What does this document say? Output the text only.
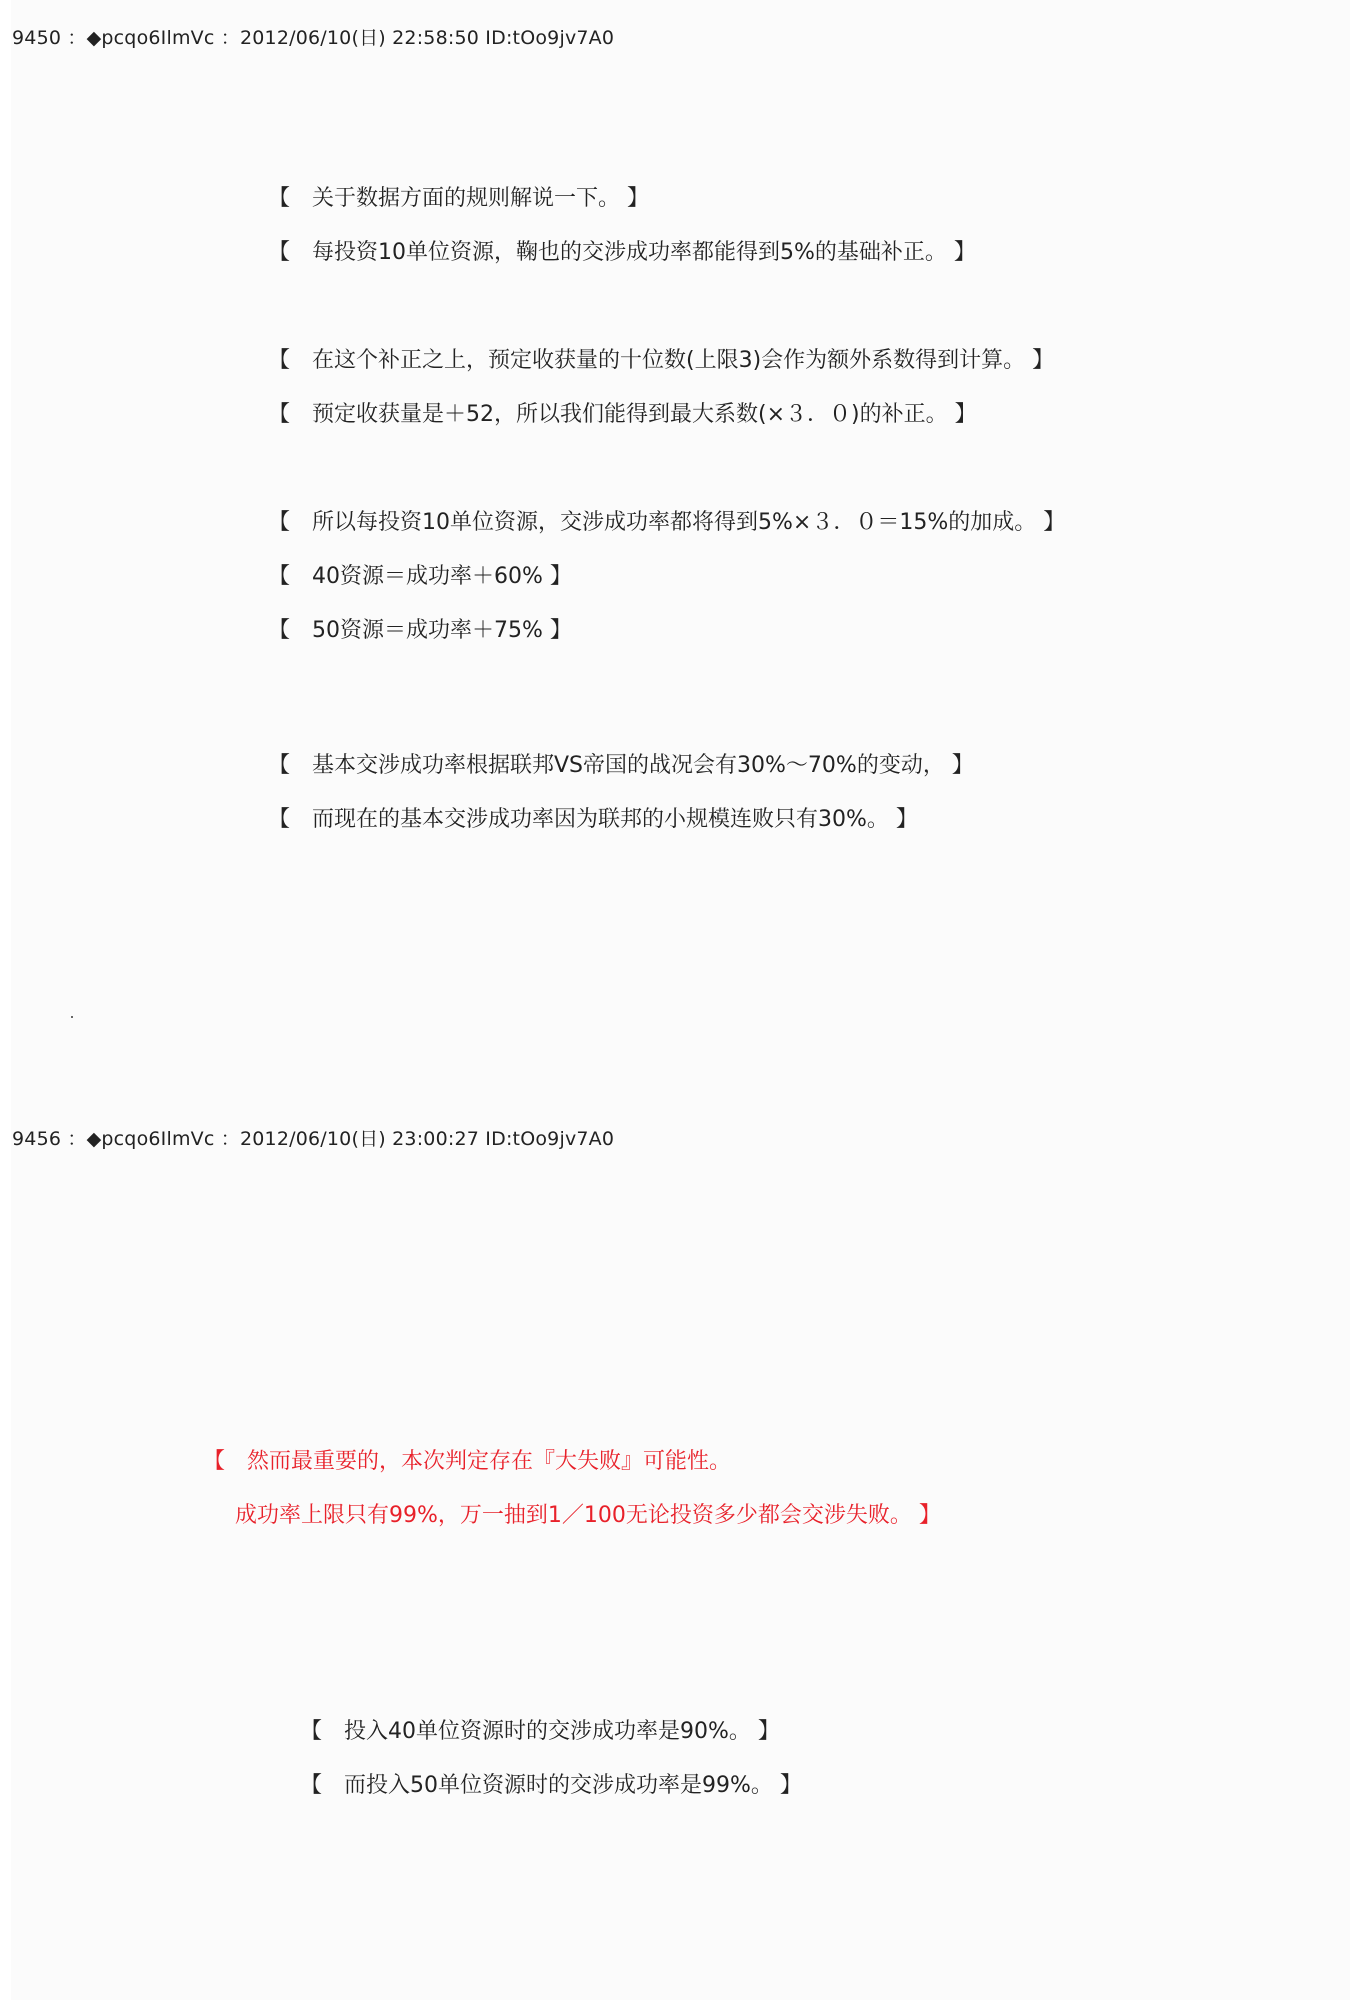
9450 ：◆pcqo6IlmVc ：2012/06/10(日) 22:58:50 ID:tOo9jv7A0
【　关于数据方面的规则解说一下。 】
【　每投资10单位资源，鞠也的交涉成功率都能得到5%的基础补正。 】
【　在这个补正之上，预定收获量的十位数(上限3)会作为额外系数得到计算。 】
【　预定收获量是＋52，所以我们能得到最大系数(×３．０)的补正。 】
【　所以每投资10单位资源，交涉成功率都将得到5%×３．０＝15%的加成。 】
【　40资源＝成功率＋60% 】
【　50资源＝成功率＋75% 】
【　基本交涉成功率根据联邦VS帝国的战况会有30%～70%的变动， 】
【　而现在的基本交涉成功率因为联邦的小规模连败只有30%。 】
9456 ：◆pcqo6IlmVc ：2012/06/10(日) 23:00:27 ID:tOo9jv7A0
【　然而最重要的，本次判定存在『大失败』可能性。
成功率上限只有99%，万一抽到1／100无论投资多少都会交涉失败。 】
【　投入40单位资源时的交涉成功率是90%。 】
【　而投入50单位资源时的交涉成功率是99%。 】
